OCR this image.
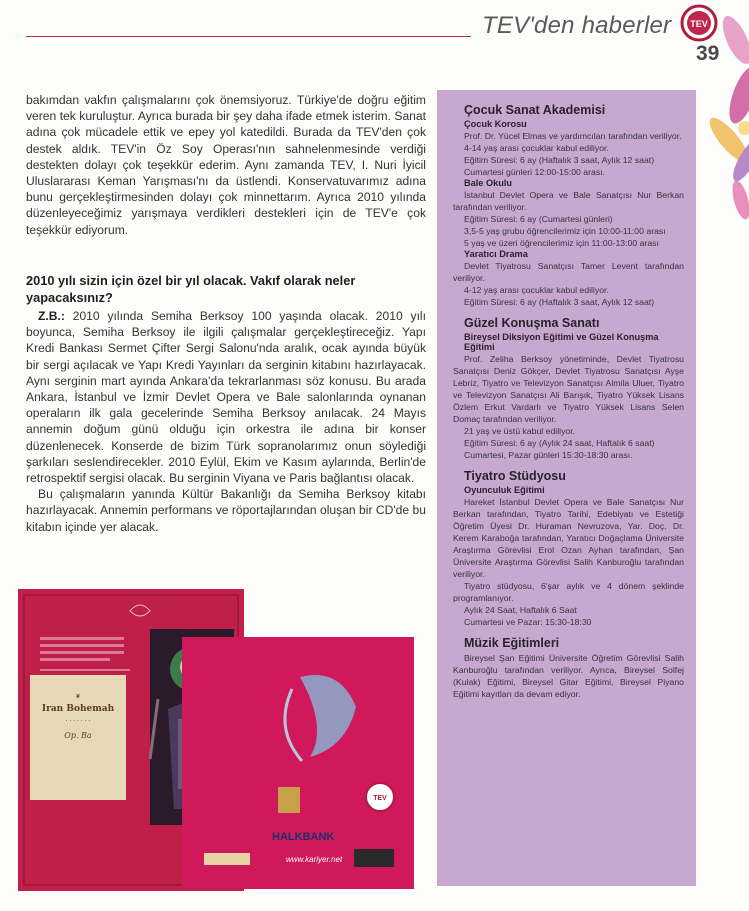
TEV'den haberler TEV
39

bakımdan vakfın çalışmalarını çok önemsiyoruz. Türkiye'de doğru eğitim veren tek kuruluştur. Ayrıca burada bir şey daha ifade etmek isterim. Sanat adına çok mücadele ettik ve epey yol katedildi. Burada da TEV'den çok destek aldık. TEV'in Öz Soy Operası'nın sahnelenmesinde verdiği destekten dolayı çok teşekkür ederim. Aynı zamanda TEV, I. Nuri İyicil Uluslararası Keman Yarışması'nı da üstlendi. Konservatuvarımız adına bunu gerçekleştirmesinden dolayı çok minnettarım. Ayrıca 2010 yılında düzenleyeceğimiz yarışmaya verdikleri destekleri için de TEV'e çok teşekkür ediyorum.

2010 yılı sizin için özel bir yıl olacak. Vakıf olarak neler yapacaksınız?

Z.B.: 2010 yılında Semiha Berksoy 100 yaşında olacak. 2010 yılı boyunca, Semiha Berksoy ile ilgili çalışmalar gerçekleştireceğiz. Yapı Kredi Bankası Sermet Çifter Sergi Salonu'nda aralık, ocak ayında büyük bir sergi açılacak ve Yapı Kredi Yayınları da serginin kitabını hazırlayacak. Aynı serginin mart ayında Ankara'da tekrarlanması söz konusu. Bu arada Ankara, İstanbul ve İzmir Devlet Opera ve Bale salonlarında oynanan operaların ilk gala gecelerinde Semiha Berksoy anılacak. 24 Mayıs annemin doğum günü olduğu için orkestra ile adına bir konser düzenlenecek. Konserde de bizim Türk sopranolarımız onun söylediği şarkıları seslendirecekler. 2010 Eylül, Ekim ve Kasım aylarında, Berlin'de retrospektif sergisi olacak. Bu serginin Viyana ve Paris bağlantısı olacak.

Bu çalışmaların yanında Kültür Bakanlığı da Semiha Berksoy kitabı hazırlayacak. Annemin performans ve röportajlarından oluşan bir CD'de bu kitabın içinde yer alacak.

Çocuk Sanat Akademisi
Çocuk Korosu

Prof. Dr. Yücel Elmas ve yardımcıları tarafından veriliyor.

4-14 yaş arası çocuklar kabul ediliyor.

Eğitim Süresi: 6 ay (Haftalık 3 saat, Aylık 12 saat)

Cumartesi günleri 12:00-15:00 arası.

Bale Okulu

İstanbul Devlet Opera ve Bale Sanatçısı Nur Berkan tarafından veriliyor.

Eğitim Süresi: 6 ay (Cumartesi günleri)

3,5-5 yaş grubu öğrencilerimiz için 10:00-11:00 arası

5 yaş ve üzeri öğrencilerimiz için 11:00-13:00 arası

Yaratıcı Drama

Devlet Tiyatrosu Sanatçısı Tamer Levent tarafından veriliyor.

4-12 yaş arası çocuklar kabul ediliyor.

Eğitim Süresi: 6 ay (Haftalık 3 saat, Aylık 12 saat)

Güzel Konuşma Sanatı
Bireysel Diksiyon Eğitimi ve Güzel Konuşma Eğitimi

Prof. Zeliha Berksoy yönetiminde, Devlet Tiyatrosu Sanatçısı Deniz Gökçer, Devlet Tiyatrosu Sanatçısı Ayşe Lebriz, Tiyatro ve Televizyon Sanatçısı Almila Uluer, Tiyatro ve Televizyon Sanatçısı Ali Barışık, Tiyatro Yüksek Lisans Özlem Erkut Vardarlı ve Tiyatro Yüksek Lisans Selen Domaç tarafından veriliyor.

21 yaş ve üstü kabul ediliyor.

Eğitim Süresi: 6 ay (Aylık 24 saat, Haftalık 6 saat)

Cumartesi, Pazar günleri 15:30-18:30 arası.

Tiyatro Stüdyosu
Oyunculuk Eğitimi

Hareket İstanbul Devlet Opera ve Bale Sanatçısı Nur Berkan tarafından, Tiyatro Tarihi, Edebiyatı ve Estetiği Öğretim Üyesi Dr. Huraman Nevruzova, Yar. Doç. Dr. Kerem Karaboğa tarafından, Yaratıcı Doğaçlama Üniversite Araştırma Görevlisi Erol Ozan Ayhan tarafından, Şan Üniversite Araştırma Görevlisi Salih Kanburoğlu tarafından veriliyor.

Tiyatro stüdyosu, 6'şar aylık ve 4 dönem şeklinde programlanıyor.

Aylık 24 Saat, Haftalık 6 Saat

Cumartesi ve Pazar: 15:30-18:30

Müzik Eğitimleri

Bireysel Şan Eğitimi Üniversite Öğretim Görevlisi Salih Kanburoğlu tarafından veriliyor. Ayrıca, Bireysel Solfej (Kulak) Eğitimi, Bireysel Gitar Eğitimi, Bireysel Piyano Eğitimi kayıtları da devam ediyor.

❦
Iran Bohemah
· · · · · · ·
Op. Ba
TEV
HALKBANK
www.kariyer.net
